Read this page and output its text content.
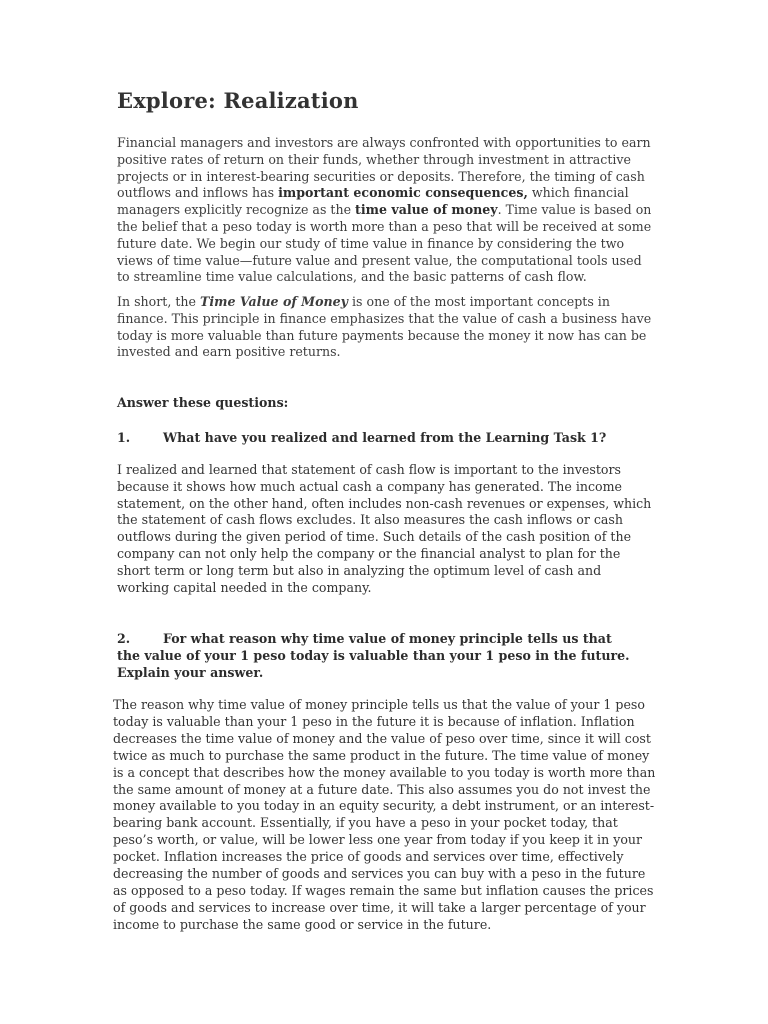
Explore: Realization

Financial managers and investors are always confronted with opportunities to earn positive rates of return on their funds, whether through investment in attractive projects or in interest-bearing securities or deposits. Therefore, the timing of cash outflows and inflows has important economic consequences, which financial managers explicitly recognize as the time value of money. Time value is based on the belief that a peso today is worth more than a peso that will be received at some future date. We begin our study of time value in finance by considering the two views of time value—future value and present value, the computational tools used to streamline time value calculations, and the basic patterns of cash flow.

In short, the Time Value of Money is one of the most important concepts in finance. This principle in finance emphasizes that the value of cash a business have today is more valuable than future payments because the money it now has can be invested and earn positive returns.

Answer these questions:
1.	What have you realized and learned from the Learning Task 1?

I realized and learned that statement of cash flow is important to the investors because it shows how much actual cash a company has generated. The income statement, on the other hand, often includes non-cash revenues or expenses, which the statement of cash flows excludes. It also measures the cash inflows or cash outflows during the given period of time. Such details of the cash position of the company can not only help the company or the financial analyst to plan for the short term or long term but also in analyzing the optimum level of cash and working capital needed in the company.

2.	For what reason why time value of money principle tells us that the value of your 1 peso today is valuable than your 1 peso in the future. Explain your answer.

The reason why time value of money principle tells us that the value of your 1 peso today is valuable than your 1 peso in the future it is because of inflation. Inflation decreases the time value of money and the value of peso over time, since it will cost twice as much to purchase the same product in the future. The time value of money is a concept that describes how the money available to you today is worth more than the same amount of money at a future date. This also assumes you do not invest the money available to you today in an equity security, a debt instrument, or an interest-bearing bank account. Essentially, if you have a peso in your pocket today, that peso’s worth, or value, will be lower less one year from today if you keep it in your pocket. Inflation increases the price of goods and services over time, effectively decreasing the number of goods and services you can buy with a peso in the future as opposed to a peso today. If wages remain the same but inflation causes the prices of goods and services to increase over time, it will take a larger percentage of your income to purchase the same good or service in the future.
